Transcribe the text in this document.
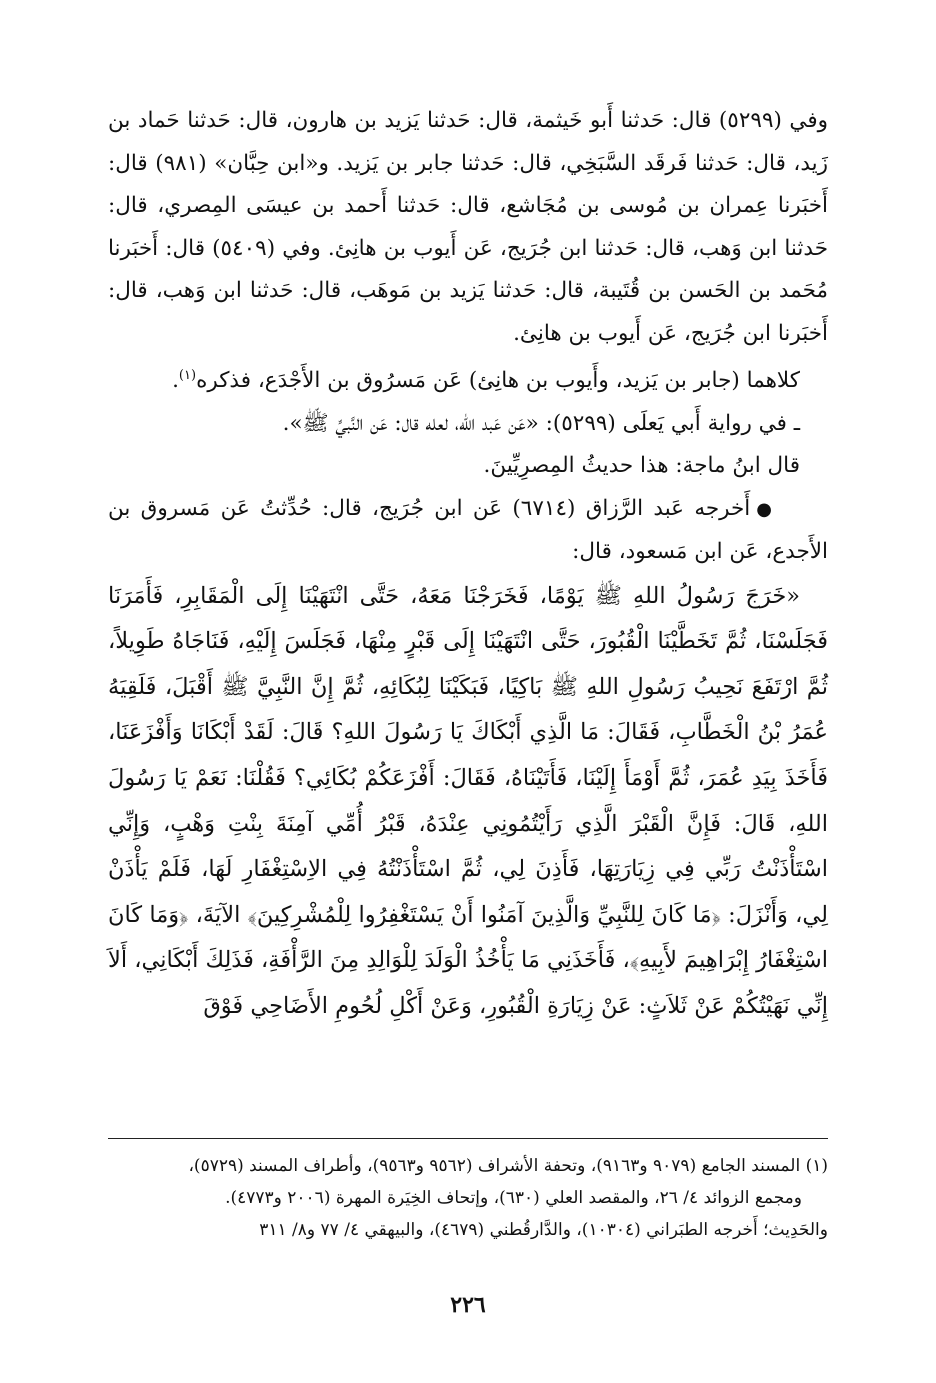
وفي (٥٢٩٩) قال: حَدثنا أَبو خَيثمة، قال: حَدثنا يَزيد بن هارون، قال: حَدثنا حَماد بن زَيد، قال: حَدثنا فَرقَد السَّبَخِي، قال: حَدثنا جابر بن يَزيد. و«ابن حِبَّان» (٩٨١) قال: أَخبَرنا عِمران بن مُوسى بن مُجَاشع، قال: حَدثنا أَحمد بن عيسَى المِصري، قال: حَدثنا ابن وَهب، قال: حَدثنا ابن جُرَيج، عَن أَيوب بن هانِئ. وفي (٥٤٠٩) قال: أَخبَرنا مُحَمد بن الحَسن بن قُتَيبة، قال: حَدثنا يَزيد بن مَوهَب، قال: حَدثنا ابن وَهب، قال: أَخبَرنا ابن جُرَيج، عَن أَيوب بن هانِئ.

كلاهما (جابر بن يَزيد، وأَيوب بن هانِئ) عَن مَسرُوق بن الأَجْدَع، فذكره$^{(١)}$.

ـ في رواية أَبي يَعلَى (٥٢٩٩): «عَن عَبد الله، لعله قال: عَن النَّبيِّ ﷺ».

قال ابنُ ماجة: هذا حديثُ المِصرِيِّينَ.

●أَخرجه عَبد الرَّزاق (٦٧١٤) عَن ابن جُرَيج، قال: حُدِّثتُ عَن مَسروق بن الأَجدع، عَن ابن مَسعود، قال:

«خَرَجَ رَسُولُ اللهِ ﷺ يَوْمًا، فَخَرَجْنَا مَعَهُ، حَتَّى انْتَهَيْنَا إِلَى الْمَقَابِرِ، فَأَمَرَنَا فَجَلَسْنَا، ثُمَّ تَخَطَّيْنَا الْقُبُورَ، حَتَّى انْتَهَيْنَا إِلَى قَبْرٍ مِنْهَا، فَجَلَسَ إِلَيْهِ، فَنَاجَاهُ طَوِيلاً، ثُمَّ ارْتَفَعَ نَحِيبُ رَسُولِ اللهِ ﷺ بَاكِيًا، فَبَكَيْنَا لِبُكَائِهِ، ثُمَّ إِنَّ النَّبِيَّ ﷺ أَقْبَلَ، فَلَقِيَهُ عُمَرُ بْنُ الْخَطَّابِ، فَقَالَ: مَا الَّذِي أَبْكَاكَ يَا رَسُولَ اللهِ؟ قَالَ: لَقَدْ أَبْكَانَا وَأَفْزَعَنَا، فَأَخَذَ بِيَدِ عُمَرَ، ثُمَّ أَوْمَأَ إِلَيْنَا، فَأَتَيْنَاهُ، فَقَالَ: أَفْزَعَكُمْ بُكَائِي؟ فَقُلْنَا: نَعَمْ يَا رَسُولَ اللهِ، قَالَ: فَإِنَّ الْقَبْرَ الَّذِي رَأَيْتُمُونِي عِنْدَهُ، قَبْرُ أُمِّي آمِنَةَ بِنْتِ وَهْبٍ، وَإِنِّي اسْتَأْذَنْتُ رَبِّي فِي زِيَارَتِهَا، فَأَذِنَ لِي، ثُمَّ اسْتَأْذَنْتُهُ فِي الاِسْتِغْفَارِ لَهَا، فَلَمْ يَأْذَنْ لِي، وَأَنْزَلَ: ﴿مَا كَانَ لِلنَّبِيِّ وَالَّذِينَ آمَنُوا أَنْ يَسْتَغْفِرُوا لِلْمُشْرِكِينَ﴾ الآيَةَ، ﴿وَمَا كَانَ اسْتِغْفَارُ إِبْرَاهِيمَ لأَبِيهِ﴾، فَأَخَذَنِي مَا يَأْخُذُ الْوَلَدَ لِلْوَالِدِ مِنَ الرَّأْفَةِ، فَذَلِكَ أَبْكَانِي، أَلاَ إِنِّي نَهَيْتُكُمْ عَنْ ثَلاَثٍ: عَنْ زِيَارَةِ الْقُبُورِ، وَعَنْ أَكْلِ لُحُومِ الأَضَاحِي فَوْقَ

(١) المسند الجامع (٩٠٧٩ و٩١٦٣)، وتحفة الأشراف (٩٥٦٢ و٩٥٦٣)، وأطراف المسند (٥٧٢٩)،

ومجمع الزوائد ٤/ ٢٦، والمقصد العلي (٦٣٠)، وإتحاف الخِيَرة المهرة (٢٠٠٦ و٤٧٧٣).

والحَدِيث؛ أَخرجه الطبَراني (١٠٣٠٤)، والدَّارقُطني (٤٦٧٩)، والبيهقي ٤/ ٧٧ و٨/ ٣١١

٢٢٦
